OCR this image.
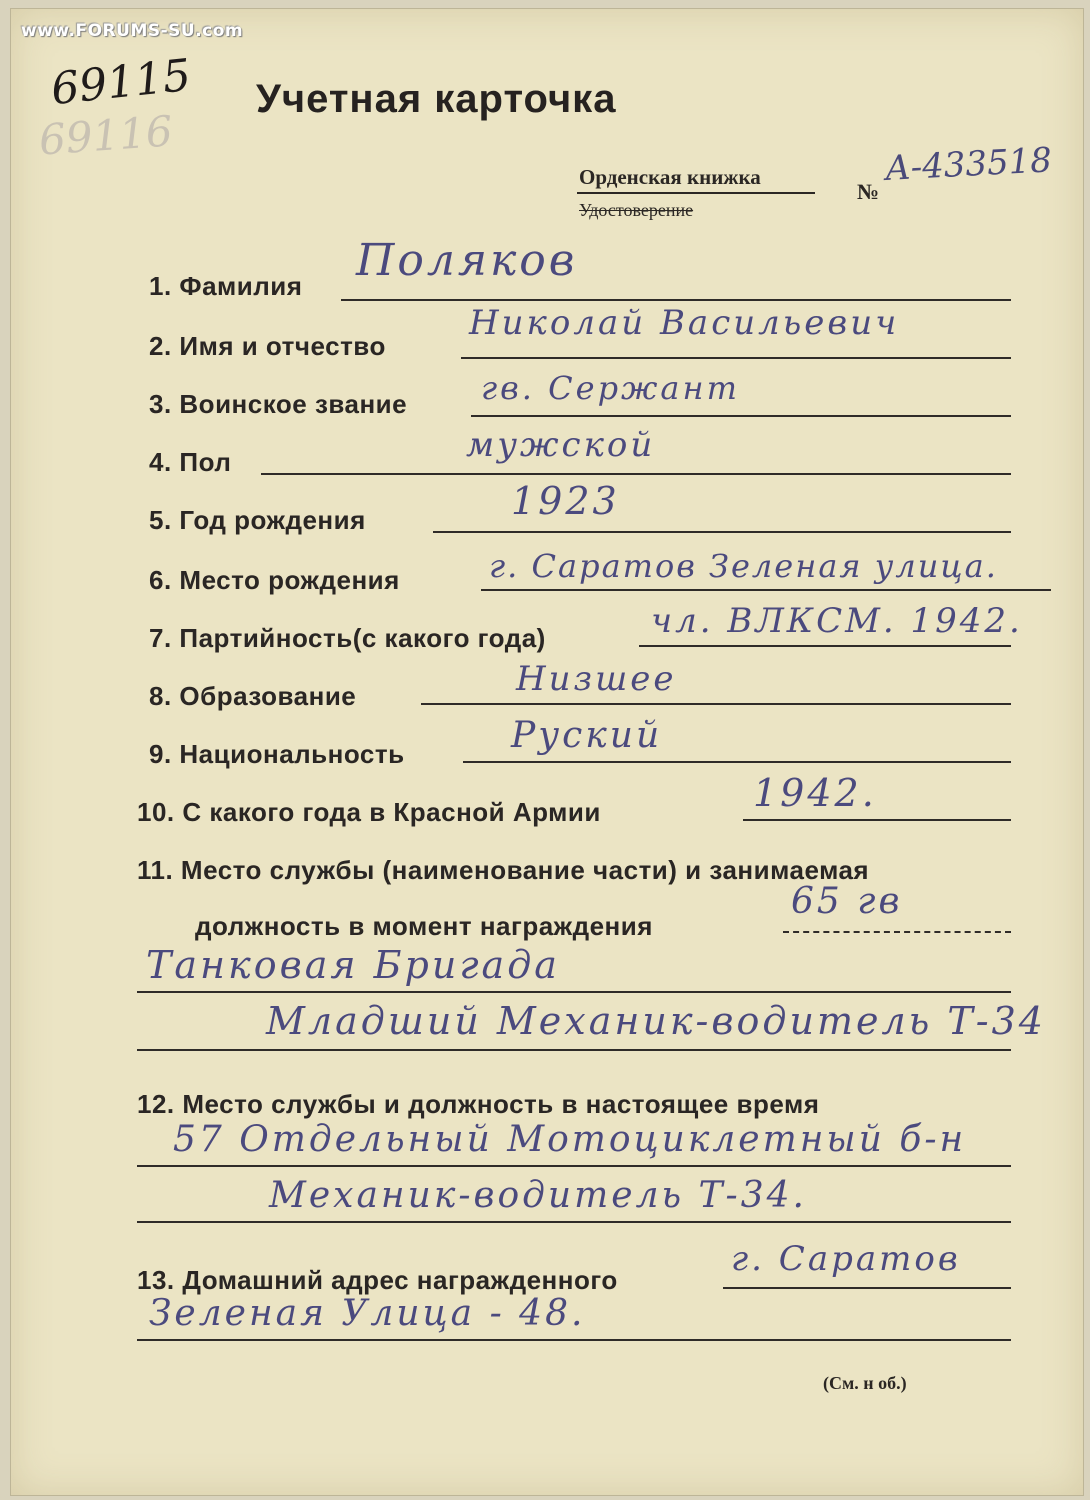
www.FORUMS-SU.com
69115
69116
Учетная карточка
Орденская книжка
Удостоверение
№
А-433518
1. Фамилия Поляков
2. Имя и отчество
Николай Васильевич
3. Воинское звание гв. Сержант
4. Пол	мужской
5. Год рождения	1923
6. Место рождения	г. Саратов Зеленая улица.
7. Партийность(с какого года)	чл. ВЛКСМ. 1942.
8. Образование	Низшее
9. Национальность	Руский
10. С какого года в Красной Армии	1942.
11. Место службы (наименование части) и занимаемая
должность в момент награждения
65 гв
Танковая Бригада
Младший Механик-водитель Т-34
12. Место службы и должность в настоящее время
57 Отдельный Мотоциклетный б-н
Механик-водитель Т-34.
13. Домашний адрес награжденного
г. Саратов
Зеленая Улица - 48.
(См. н об.)
